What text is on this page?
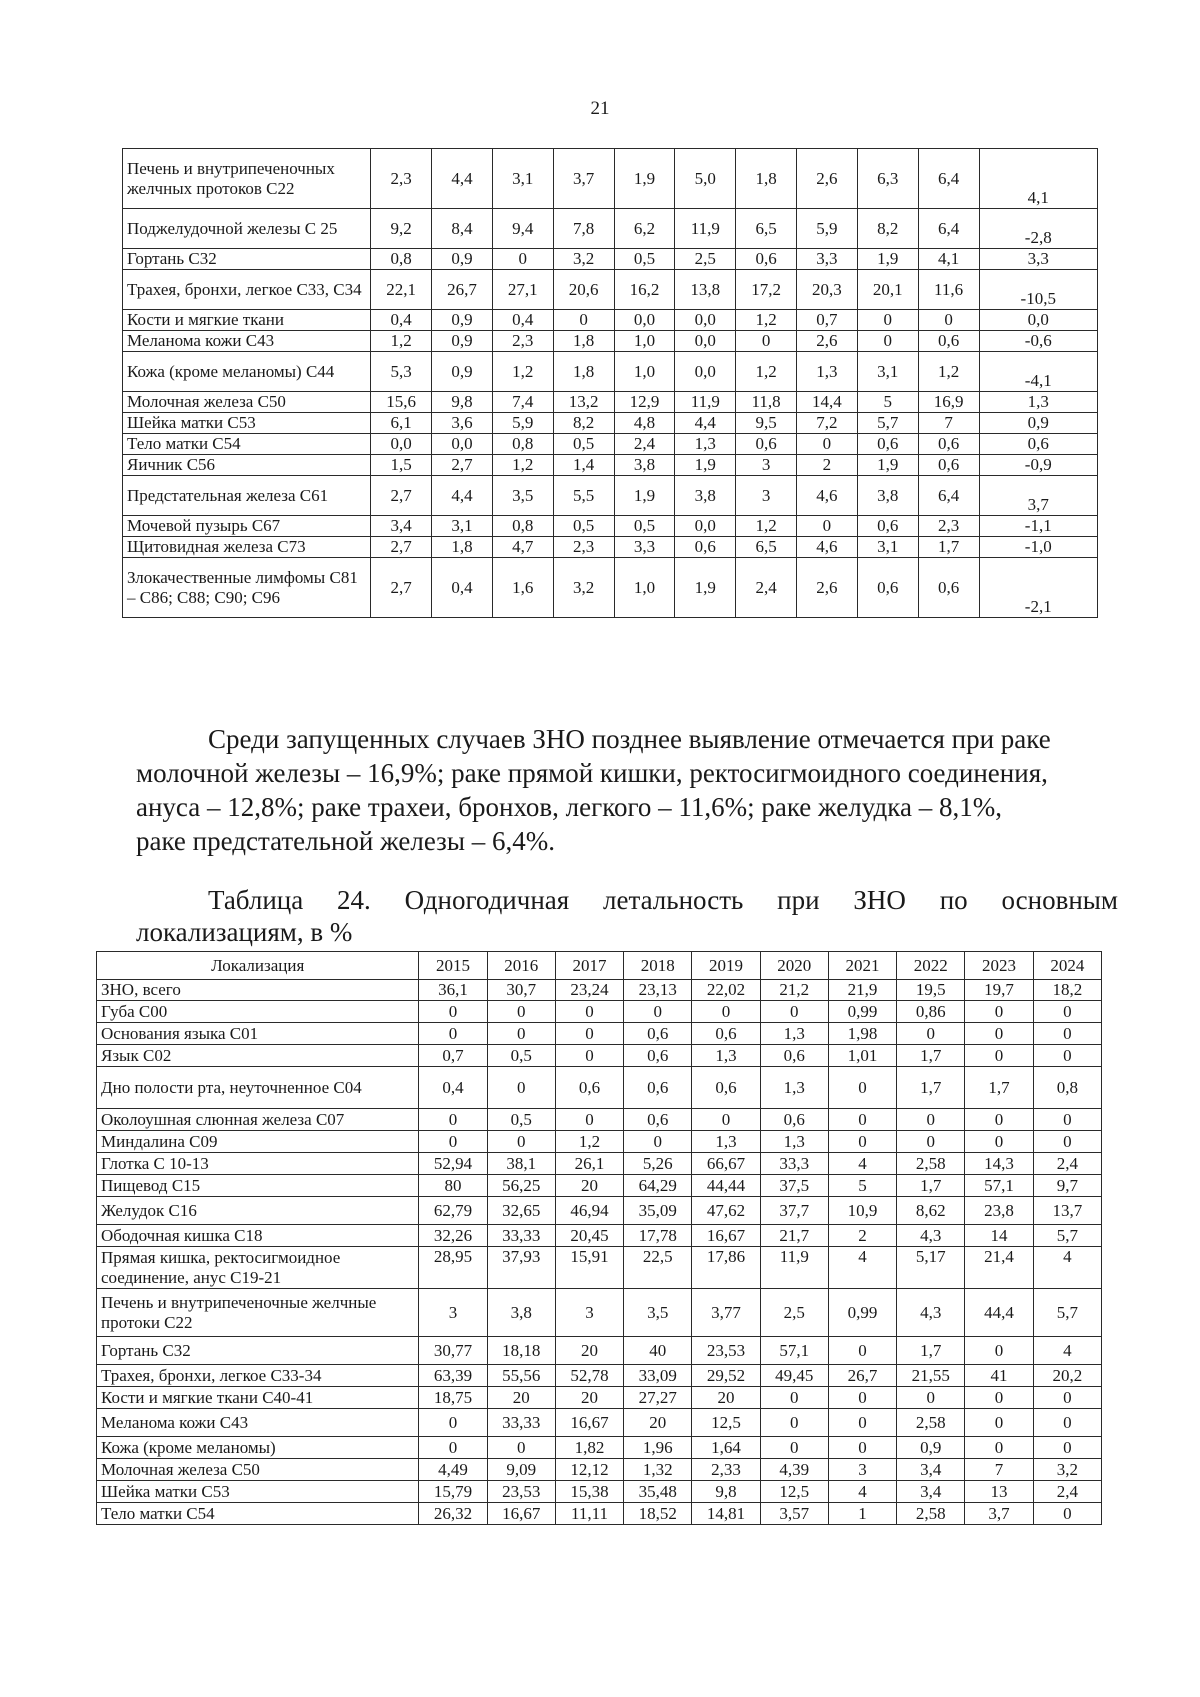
21
Печень и внутрипеченочных желчных протоков С22	2,3	4,4	3,1	3,7	1,9	5,0	1,8	2,6	6,3	6,4	4,1
Поджелудочной железы С 25	9,2	8,4	9,4	7,8	6,2	11,9	6,5	5,9	8,2	6,4	-2,8
Гортань С32	0,8	0,9	0	3,2	0,5	2,5	0,6	3,3	1,9	4,1	3,3
Трахея, бронхи, легкое С33, С34	22,1	26,7	27,1	20,6	16,2	13,8	17,2	20,3	20,1	11,6	-10,5
Кости и мягкие ткани	0,4	0,9	0,4	0	0,0	0,0	1,2	0,7	0	0	0,0
Меланома кожи С43	1,2	0,9	2,3	1,8	1,0	0,0	0	2,6	0	0,6	-0,6
Кожа (кроме меланомы) С44	5,3	0,9	1,2	1,8	1,0	0,0	1,2	1,3	3,1	1,2	-4,1
Молочная железа С50	15,6	9,8	7,4	13,2	12,9	11,9	11,8	14,4	5	16,9	1,3
Шейка матки С53	6,1	3,6	5,9	8,2	4,8	4,4	9,5	7,2	5,7	7	0,9
Тело матки С54	0,0	0,0	0,8	0,5	2,4	1,3	0,6	0	0,6	0,6	0,6
Яичник С56	1,5	2,7	1,2	1,4	3,8	1,9	3	2	1,9	0,6	-0,9
Предстательная железа С61	2,7	4,4	3,5	5,5	1,9	3,8	3	4,6	3,8	6,4	3,7
Мочевой пузырь С67	3,4	3,1	0,8	0,5	0,5	0,0	1,2	0	0,6	2,3	-1,1
Щитовидная железа С73	2,7	1,8	4,7	2,3	3,3	0,6	6,5	4,6	3,1	1,7	-1,0
Злокачественные лимфомы С81 – С86; С88; С90; С96	2,7	0,4	1,6	3,2	1,0	1,9	2,4	2,6	0,6	0,6	-2,1
Среди запущенных случаев ЗНО позднее выявление отмечается при раке
молочной железы – 16,9%; раке прямой кишки, ректосигмоидного соединения,
ануса – 12,8%; раке трахеи, бронхов, легкого – 11,6%; раке желудка – 8,1%,
раке предстательной железы – 6,4%.
Таблица 24. Одногодичная летальность при ЗНО по основным
локализациям, в %
Локализация	2015	2016	2017	2018	2019	2020	2021	2022	2023	2024
ЗНО, всего	36,1	30,7	23,24	23,13	22,02	21,2	21,9	19,5	19,7	18,2
Губа С00	0	0	0	0	0	0	0,99	0,86	0	0
Основания языка С01	0	0	0	0,6	0,6	1,3	1,98	0	0	0
Язык С02	0,7	0,5	0	0,6	1,3	0,6	1,01	1,7	0	0
Дно полости рта, неуточненное С04	0,4	0	0,6	0,6	0,6	1,3	0	1,7	1,7	0,8
Околоушная слюнная железа С07	0	0,5	0	0,6	0	0,6	0	0	0	0
Миндалина С09	0	0	1,2	0	1,3	1,3	0	0	0	0
Глотка С 10-13	52,94	38,1	26,1	5,26	66,67	33,3	4	2,58	14,3	2,4
Пищевод С15	80	56,25	20	64,29	44,44	37,5	5	1,7	57,1	9,7
Желудок С16	62,79	32,65	46,94	35,09	47,62	37,7	10,9	8,62	23,8	13,7
Ободочная кишка С18	32,26	33,33	20,45	17,78	16,67	21,7	2	4,3	14	5,7
Прямая кишка, ректосигмоидное соединение, анус С19-21	28,95	37,93	15,91	22,5	17,86	11,9	4	5,17	21,4	4
Печень и внутрипеченочные желчные протоки С22	3	3,8	3	3,5	3,77	2,5	0,99	4,3	44,4	5,7
Гортань С32	30,77	18,18	20	40	23,53	57,1	0	1,7	0	4
Трахея, бронхи, легкое С33-34	63,39	55,56	52,78	33,09	29,52	49,45	26,7	21,55	41	20,2
Кости и мягкие ткани С40-41	18,75	20	20	27,27	20	0	0	0	0	0
Меланома кожи С43	0	33,33	16,67	20	12,5	0	0	2,58	0	0
Кожа (кроме меланомы)	0	0	1,82	1,96	1,64	0	0	0,9	0	0
Молочная железа С50	4,49	9,09	12,12	1,32	2,33	4,39	3	3,4	7	3,2
Шейка матки С53	15,79	23,53	15,38	35,48	9,8	12,5	4	3,4	13	2,4
Тело матки С54	26,32	16,67	11,11	18,52	14,81	3,57	1	2,58	3,7	0
